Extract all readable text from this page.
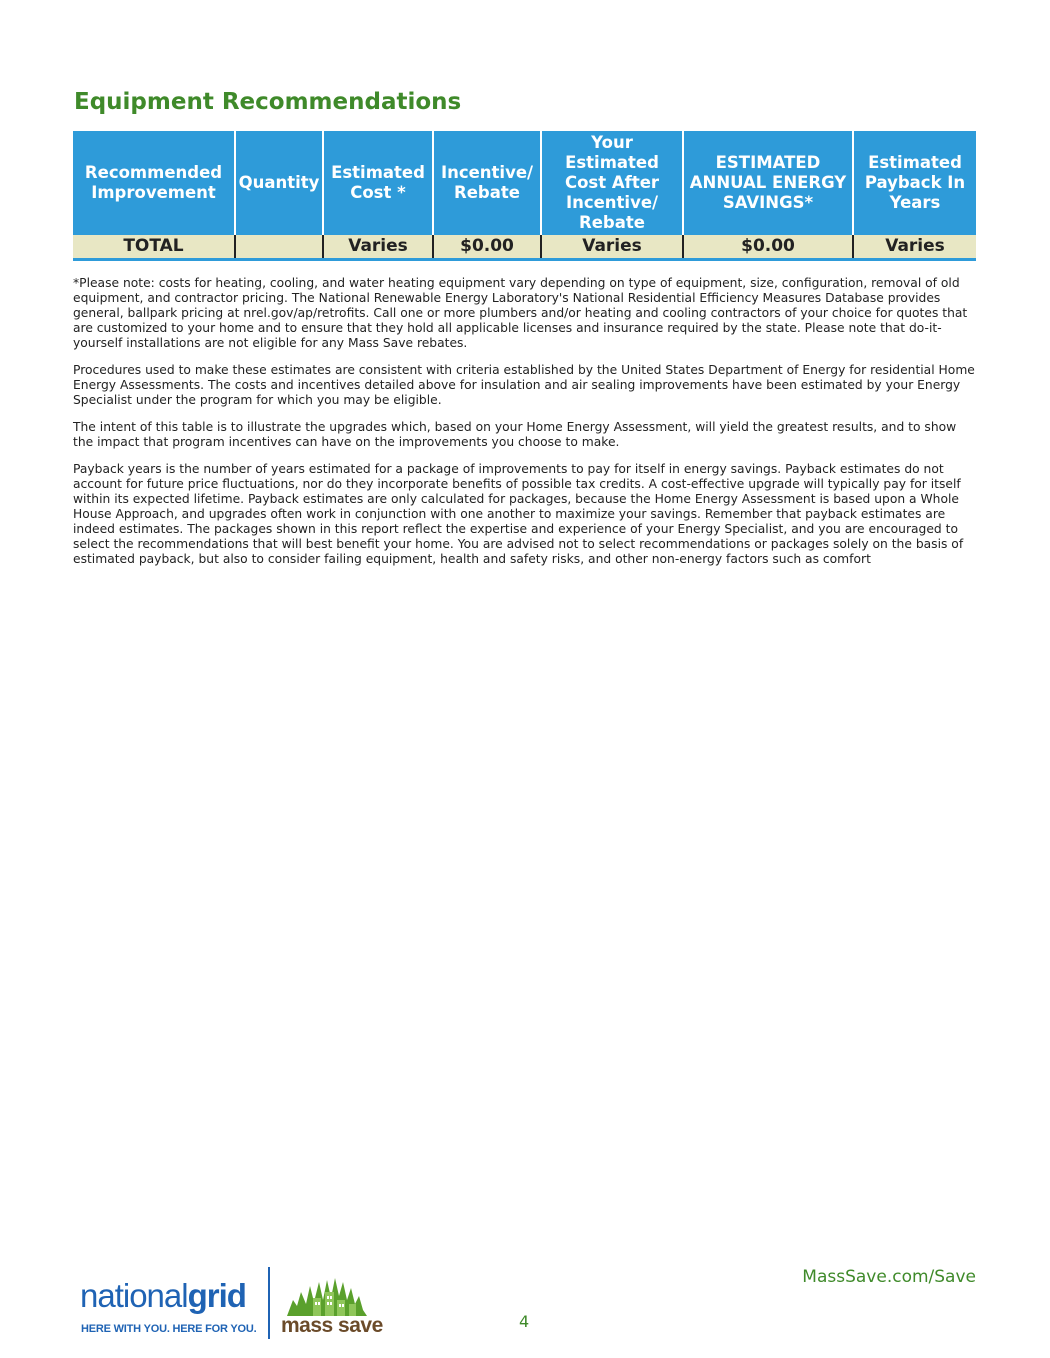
Equipment Recommendations
Recommended Improvement	Quantity	Estimated Cost *	Incentive/ Rebate	Your Estimated Cost After Incentive/ Rebate	ESTIMATED ANNUAL ENERGY SAVINGS*	Estimated Payback In Years
TOTAL		Varies	$0.00	Varies	$0.00	Varies

*Please note: costs for heating, cooling, and water heating equipment vary depending on type of equipment, size, configuration, removal of old equipment, and contractor pricing. The National Renewable Energy Laboratory's National Residential Efficiency Measures Database provides general, ballpark pricing at nrel.gov/ap/retrofits. Call one or more plumbers and/or heating and cooling contractors of your choice for quotes that are customized to your home and to ensure that they hold all applicable licenses and insurance required by the state. Please note that do-it-yourself installations are not eligible for any Mass Save rebates.

Procedures used to make these estimates are consistent with criteria established by the United States Department of Energy for residential Home Energy Assessments. The costs and incentives detailed above for insulation and air sealing improvements have been estimated by your Energy Specialist under the program for which you may be eligible.

The intent of this table is to illustrate the upgrades which, based on your Home Energy Assessment, will yield the greatest results, and to show the impact that program incentives can have on the improvements you choose to make.

Payback years is the number of years estimated for a package of improvements to pay for itself in energy savings. Payback estimates do not account for future price fluctuations, nor do they incorporate benefits of possible tax credits. A cost-effective upgrade will typically pay for itself within its expected lifetime. Payback estimates are only calculated for packages, because the Home Energy Assessment is based upon a Whole House Approach, and upgrades often work in conjunction with one another to maximize your savings. Remember that payback estimates are indeed estimates. The packages shown in this report reflect the expertise and experience of your Energy Specialist, and you are encouraged to select the recommendations that will best benefit your home. You are advised not to select recommendations or packages solely on the basis of estimated payback, but also to consider failing equipment, health and safety risks, and other non-energy factors such as comfort

nationalgrid
HERE WITH YOU. HERE FOR YOU. mass save	4
MassSave.com/Save
